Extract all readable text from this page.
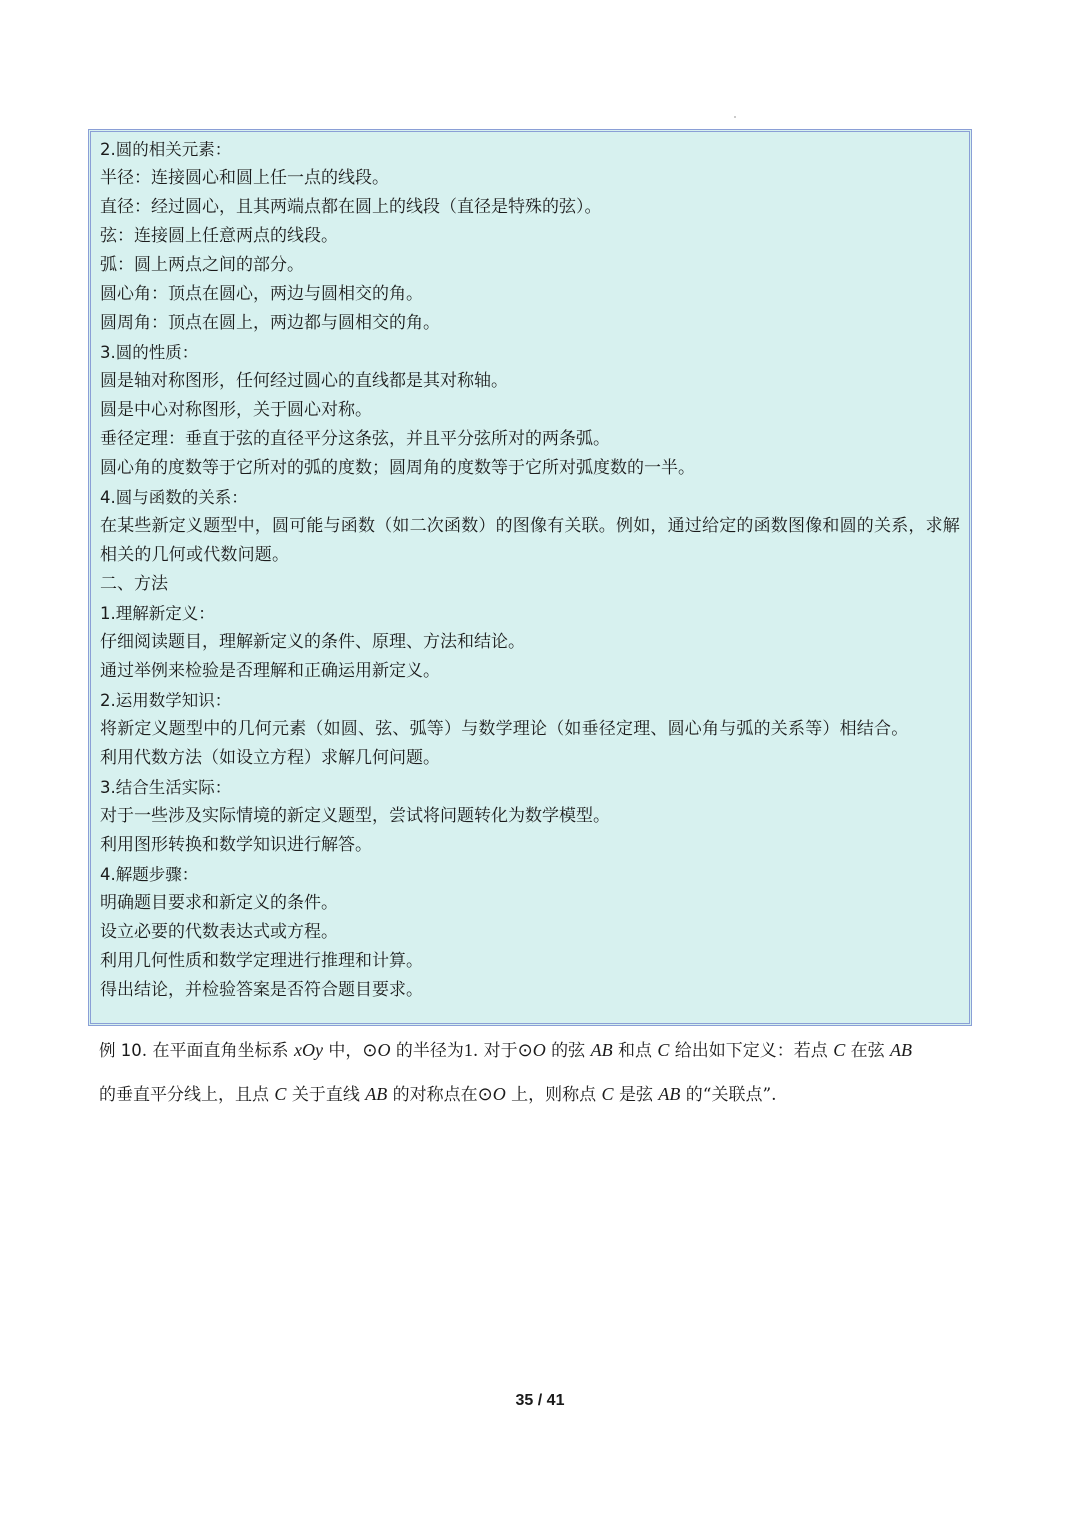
2.圆的相关元素：
半径：连接圆心和圆上任一点的线段。
直径：经过圆心，且其两端点都在圆上的线段（直径是特殊的弦）。
弦：连接圆上任意两点的线段。
弧：圆上两点之间的部分。
圆心角：顶点在圆心，两边与圆相交的角。
圆周角：顶点在圆上，两边都与圆相交的角。
3.圆的性质：
圆是轴对称图形，任何经过圆心的直线都是其对称轴。
圆是中心对称图形，关于圆心对称。
垂径定理：垂直于弦的直径平分这条弦，并且平分弦所对的两条弧。
圆心角的度数等于它所对的弧的度数；圆周角的度数等于它所对弧度数的一半。
4.圆与函数的关系：
在某些新定义题型中，圆可能与函数（如二次函数）的图像有关联。例如，通过给定的函数图像和圆的关系，求解相关的几何或代数问题。
二、方法
1.理解新定义：
仔细阅读题目，理解新定义的条件、原理、方法和结论。
通过举例来检验是否理解和正确运用新定义。
2.运用数学知识：
将新定义题型中的几何元素（如圆、弦、弧等）与数学理论（如垂径定理、圆心角与弧的关系等）相结合。
利用代数方法（如设立方程）求解几何问题。
3.结合生活实际：
对于一些涉及实际情境的新定义题型，尝试将问题转化为数学模型。
利用图形转换和数学知识进行解答。
4.解题步骤：
明确题目要求和新定义的条件。
设立必要的代数表达式或方程。
利用几何性质和数学定理进行推理和计算。
得出结论，并检验答案是否符合题目要求。

例 10. 在平面直角坐标系 xOy 中，⊙O 的半径为1. 对于⊙O 的弦 AB 和点 C 给出如下定义：若点 C 在弦 AB

的垂直平分线上，且点 C 关于直线 AB 的对称点在⊙O 上，则称点 C 是弦 AB 的“关联点”.

35 / 41
